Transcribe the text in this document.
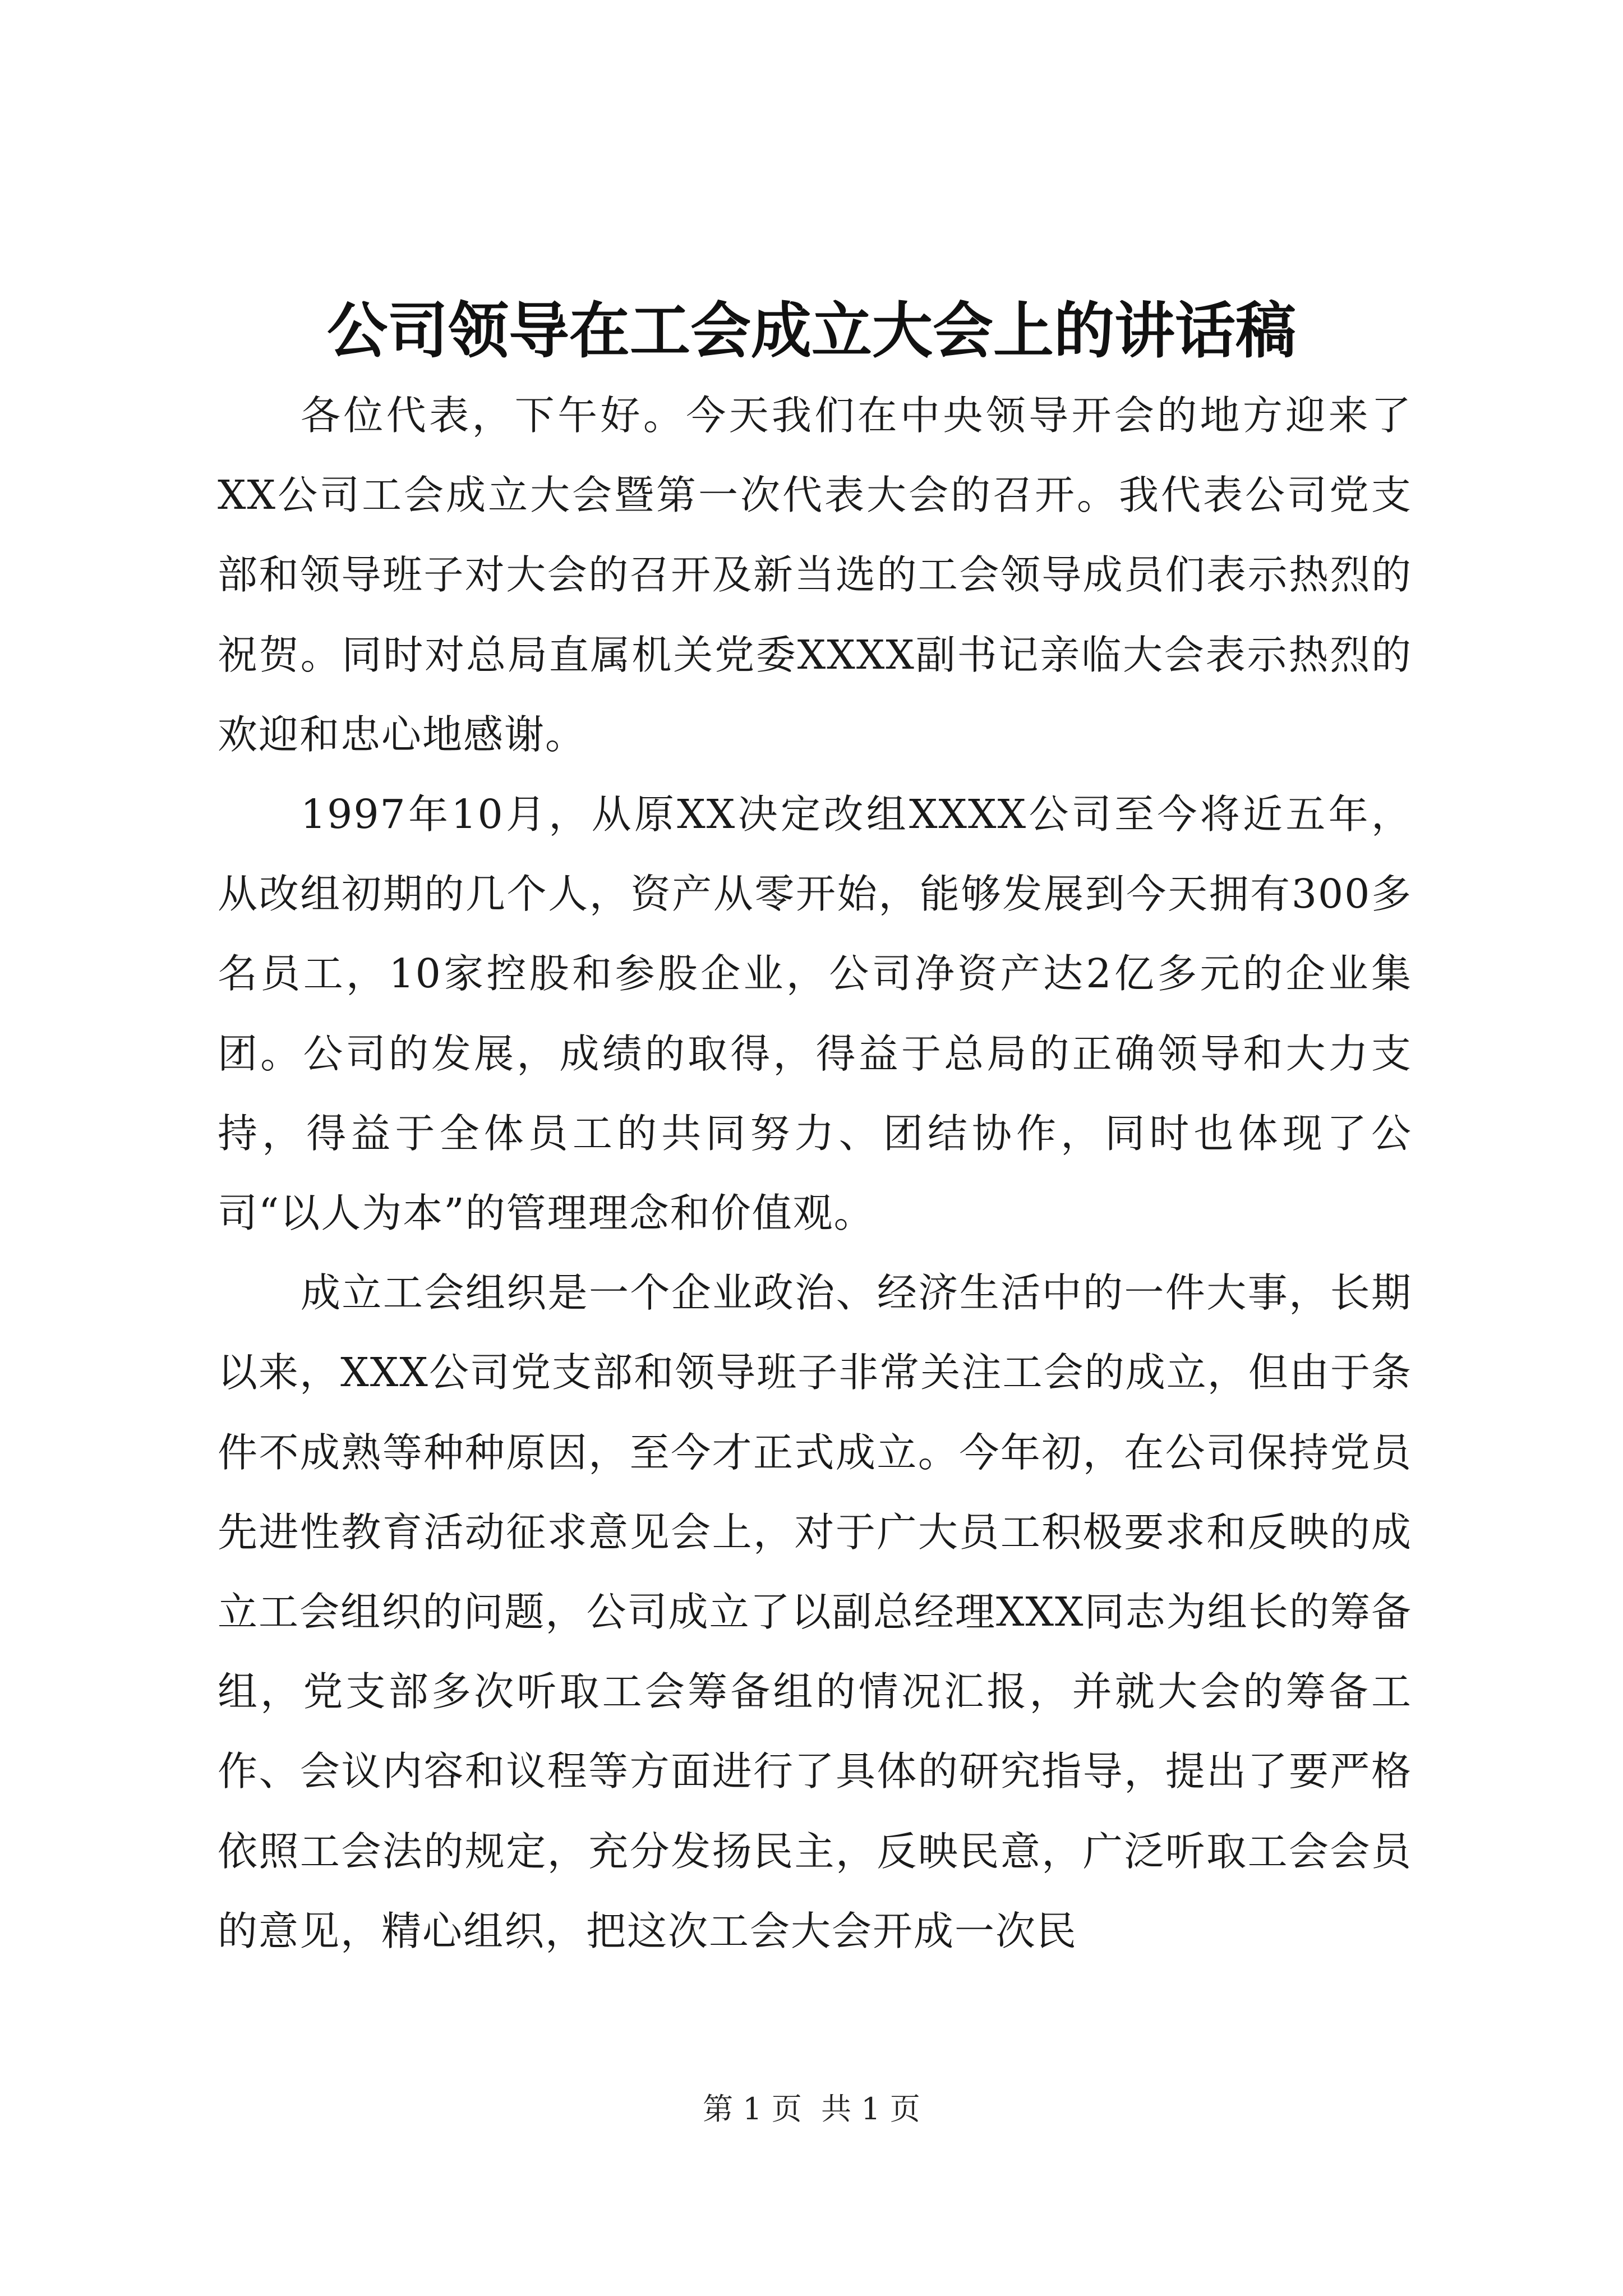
公司领导在工会成立大会上的讲话稿

各位代表，下午好。今天我们在中央领导开会的地方迎来了XX公司工会成立大会暨第一次代表大会的召开。我代表公司党支部和领导班子对大会的召开及新当选的工会领导成员们表示热烈的祝贺。同时对总局直属机关党委XXXX副书记亲临大会表示热烈的欢迎和忠心地感谢。

1997年10月，从原XX决定改组XXXX公司至今将近五年，从改组初期的几个人，资产从零开始，能够发展到今天拥有300多名员工，10家控股和参股企业，公司净资产达2亿多元的企业集团。公司的发展，成绩的取得，得益于总局的正确领导和大力支持，得益于全体员工的共同努力、团结协作，同时也体现了公司“以人为本”的管理理念和价值观。

成立工会组织是一个企业政治、经济生活中的一件大事，长期以来，XXX公司党支部和领导班子非常关注工会的成立，但由于条件不成熟等种种原因，至今才正式成立。今年初，在公司保持党员先进性教育活动征求意见会上，对于广大员工积极要求和反映的成立工会组织的问题，公司成立了以副总经理XXX同志为组长的筹备组，党支部多次听取工会筹备组的情况汇报，并就大会的筹备工作、会议内容和议程等方面进行了具体的研究指导，提出了要严格依照工会法的规定，充分发扬民主，反映民意，广泛听取工会会员的意见，精心组织，把这次工会大会开成一次民

第 1 页  共 1 页
